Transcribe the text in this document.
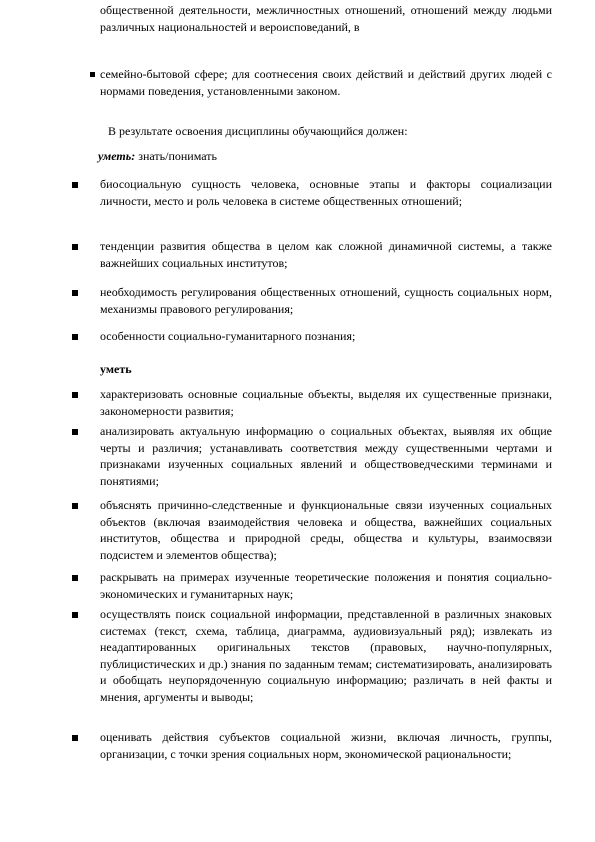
общественной деятельности, межличностных отношений, отношений между людьми различных национальностей и вероисповеданий, в

семейно-бытовой сфере; для соотнесения своих действий и действий других людей с нормами поведения, установленными законом.

В результате освоения дисциплины обучающийся должен:

уметь: знать/понимать

биосоциальную сущность человека, основные этапы и факторы социализации личности, место и роль человека в системе общественных отношений;

тенденции развития общества в целом как сложной динамичной системы, а также важнейших социальных институтов;

необходимость регулирования общественных отношений, сущность социальных норм, механизмы правового регулирования;

особенности социально-гуманитарного познания;

уметь

характеризовать основные социальные объекты, выделяя их существенные признаки, закономерности развития;

анализировать актуальную информацию о социальных объектах, выявляя их общие черты и различия; устанавливать соответствия между существенными чертами и признаками изученных социальных явлений и обществоведческими терминами и понятиями;

объяснять причинно-следственные и функциональные связи изученных социальных объектов (включая взаимодействия человека и общества, важнейших социальных институтов, общества и природной среды, общества и культуры, взаимосвязи подсистем и элементов общества);

раскрывать на примерах изученные теоретические положения и понятия социально-экономических и гуманитарных наук;

осуществлять поиск социальной информации, представленной в различных знаковых системах (текст, схема, таблица, диаграмма, аудиовизуальный ряд); извлекать из неадаптированных оригинальных текстов (правовых, научно-популярных, публицистических и др.) знания по заданным темам; систематизировать, анализировать и обобщать неупорядоченную социальную информацию; различать в ней факты и мнения, аргументы и выводы;

оценивать действия субъектов социальной жизни, включая личность, группы, организации, с точки зрения социальных норм, экономической рациональности;
